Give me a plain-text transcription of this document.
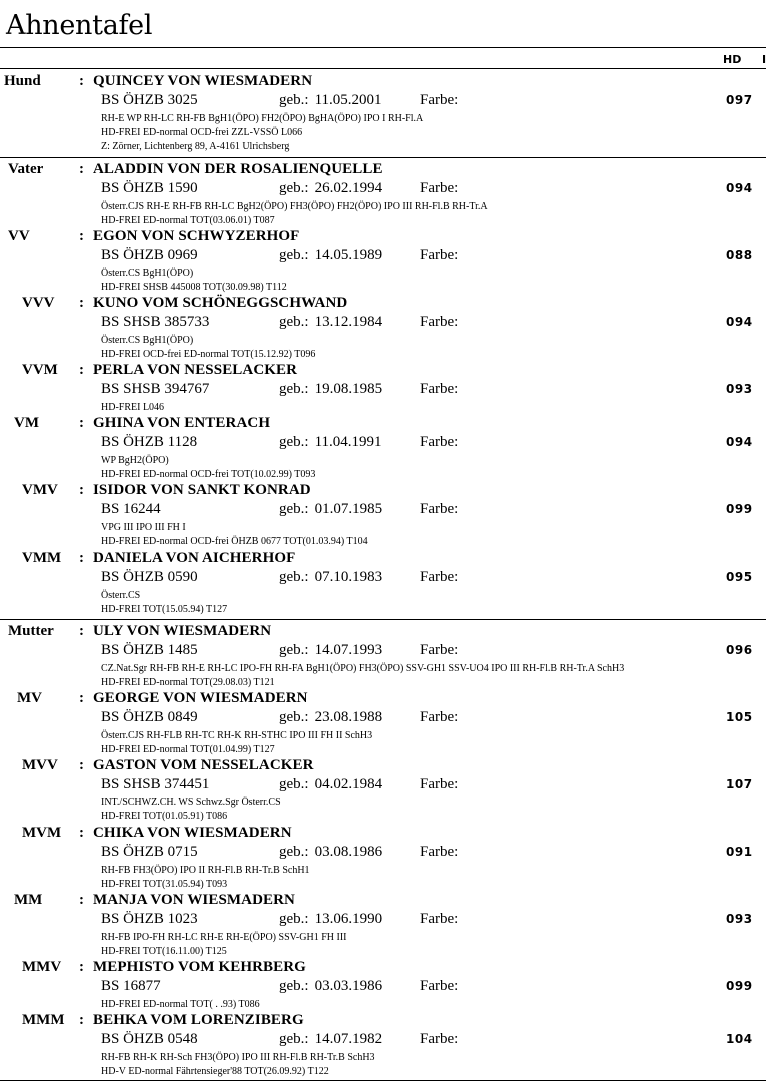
Ahnentafel
HD I
Hund	: QUINCEY VON WIESMADERN
BS ÖHZB 3025	geb.: 11.05.2001	Farbe:	097
RH-E WP RH-LC RH-FB BgH1(ÖPO) FH2(ÖPO) BgHA(ÖPO) IPO I RH-Fl.A
HD-FREI ED-normal OCD-frei ZZL-VSSÖ L066
Z: Zörner, Lichtenberg 89, A-4161 Ulrichsberg
Vater : ALADDIN VON DER ROSALIENQUELLE
BS ÖHZB 1590	geb.: 26.02.1994	Farbe:	094
Österr.CJS RH-E RH-FB RH-LC BgH2(ÖPO) FH3(ÖPO) FH2(ÖPO) IPO III RH-Fl.B RH-Tr.A
HD-FREI ED-normal TOT(03.06.01) T087
VV	: EGON VON SCHWYZERHOF
BS ÖHZB 0969	geb.: 14.05.1989	Farbe:	088
Österr.CS BgH1(ÖPO)
HD-FREI SHSB 445008 TOT(30.09.98) T112
VVV : KUNO VOM SCHÖNEGGSCHWAND
BS SHSB 385733	geb.: 13.12.1984	Farbe:	094
Österr.CS BgH1(ÖPO)
HD-FREI OCD-frei ED-normal TOT(15.12.92) T096
VVM : PERLA VON NESSELACKER
BS SHSB 394767	geb.: 19.08.1985	Farbe:	093
HD-FREI L046
VM	: GHINA VON ENTERACH
BS ÖHZB 1128	geb.: 11.04.1991	Farbe:	094
WP BgH2(ÖPO)
HD-FREI ED-normal OCD-frei TOT(10.02.99) T093
VMV : ISIDOR VON SANKT KONRAD
BS 16244	geb.: 01.07.1985	Farbe:	099
VPG III IPO III FH I
HD-FREI ED-normal OCD-frei ÖHZB 0677 TOT(01.03.94) T104
VMM : DANIELA VON AICHERHOF
BS ÖHZB 0590	geb.: 07.10.1983	Farbe:	095
Österr.CS
HD-FREI TOT(15.05.94) T127
Mutter : ULY VON WIESMADERN
BS ÖHZB 1485	geb.: 14.07.1993	Farbe:	096
CZ.Nat.Sgr RH-FB RH-E RH-LC IPO-FH RH-FA BgH1(ÖPO) FH3(ÖPO) SSV-GH1 SSV-UO4 IPO III RH-Fl.B RH-Tr.A SchH3
HD-FREI ED-normal TOT(29.08.03) T121
MV : GEORGE VON WIESMADERN
BS ÖHZB 0849	geb.: 23.08.1988	Farbe:	105
Österr.CJS RH-FLB RH-TC RH-K RH-STHC IPO III FH II SchH3
HD-FREI ED-normal TOT(01.04.99) T127
MVV : GASTON VOM NESSELACKER
BS SHSB 374451	geb.: 04.02.1984	Farbe:	107
INT./SCHWZ.CH. WS Schwz.Sgr Österr.CS
HD-FREI TOT(01.05.91) T086
MVM : CHIKA VON WIESMADERN
BS ÖHZB 0715	geb.: 03.08.1986	Farbe:	091
RH-FB FH3(ÖPO) IPO II RH-Fl.B RH-Tr.B SchH1
HD-FREI TOT(31.05.94) T093
MM : MANJA VON WIESMADERN
BS ÖHZB 1023	geb.: 13.06.1990	Farbe:	093
RH-FB IPO-FH RH-LC RH-E RH-E(ÖPO) SSV-GH1 FH III
HD-FREI TOT(16.11.00) T125
MMV : MEPHISTO VOM KEHRBERG
BS 16877	geb.: 03.03.1986	Farbe:	099
HD-FREI ED-normal TOT( . .93) T086
MMM : BEHKA VOM LORENZIBERG
BS ÖHZB 0548	geb.: 14.07.1982	Farbe:	104
RH-FB RH-K RH-Sch FH3(ÖPO) IPO III RH-Fl.B RH-Tr.B SchH3
HD-V ED-normal Fährtensieger'88 TOT(26.09.92) T122
